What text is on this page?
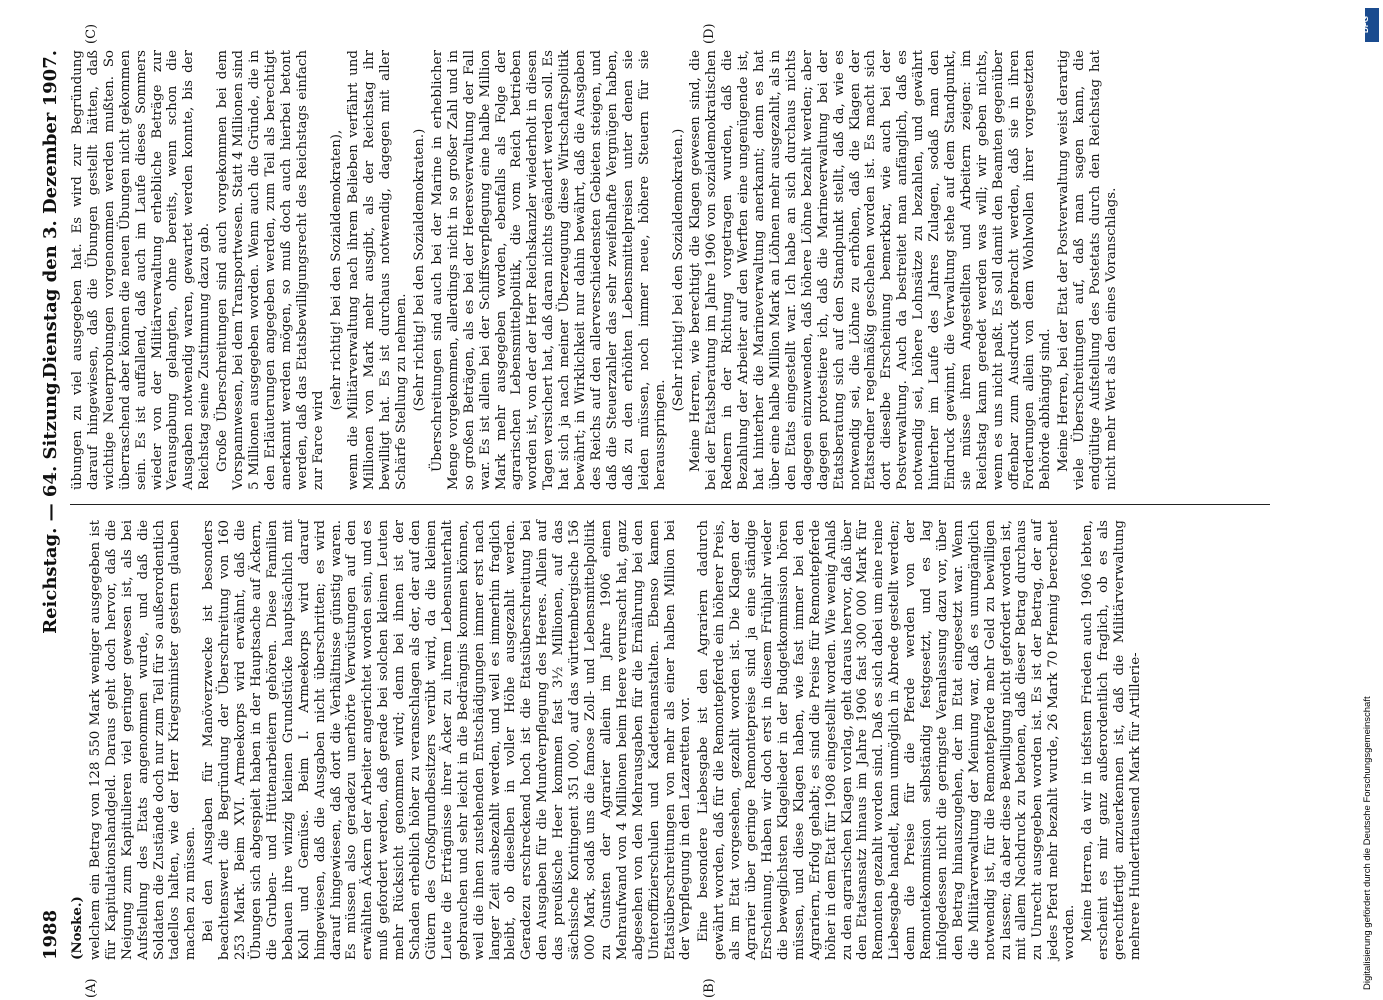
1988
Reichstag. — 64. Sitzung.
Dienstag den 3. Dezember 1907.
(A)	(B)
(C)	(D)

(Noske.) welchem ein Betrag von 128 550 Mark weniger ausgegeben ist für Kapitulationshandgeld. Daraus geht doch hervor, daß die Neigung zum Kapitulieren viel geringer gewesen ist, als bei Aufstellung des Etats angenommen wurde, und daß die Soldaten die Zustände doch nur zum Teil für so außerordentlich tadellos halten, wie der Herr Kriegsminister gestern glauben machen zu müssen. Bei den Ausgaben für Manöverzwecke ist besonders beachtenswert die Begründung der Überschreitung von 160 253 Mark. Beim XVI. Armeekorps wird erwähnt, daß die Übungen sich abgespielt haben in der Hauptsache auf Äckern, die Gruben- und Hüttenarbeitern gehören. Diese Familien bebauen ihre winzig kleinen Grundstücke hauptsächlich mit Kohl und Gemüse. Beim I. Armeekorps wird darauf hingewiesen, daß die Ausgaben nicht überschritten; es wird darauf hingewiesen, daß dort die Verhältnisse günstig waren. Es müssen also geradezu unerhörte Verwüstungen auf den erwählten Äckern der Arbeiter angerichtet worden sein, und es muß gefordert werden, daß gerade bei solchen kleinen Leuten mehr Rücksicht genommen wird; denn bei ihnen ist der Schaden erheblich höher zu veranschlagen als der, der auf den Gütern des Großgrundbesitzers verübt wird, da die kleinen Leute die Erträgnisse ihrer Äcker zu ihrem Lebensunterhalt gebrauchen und sehr leicht in die Bedrängnis kommen können, weil die ihnen zustehenden Entschädigungen immer erst nach langer Zeit ausbezahlt werden, und weil es immerhin fraglich bleibt, ob dieselben in voller Höhe ausgezahlt werden. Geradezu erschreckend hoch ist die Etatsüberschreitung bei den Ausgaben für die Mundverpflegung des Heeres. Allein auf das preußische Heer kommen fast 3½ Millionen, auf das sächsische Kontingent 351 000, auf das württembergische 156 000 Mark, sodaß uns die famose Zoll- und Lebensmittelpolitik zu Gunsten der Agrarier allein im Jahre 1906 einen Mehraufwand von 4 Millionen beim Heere verursacht hat, ganz abgesehen von den Mehrausgaben für die Ernährung bei den Unteroffizierschulen und Kadettenanstalten. Ebenso kamen Etatsüberschreitungen von mehr als einer halben Million bei der Verpflegung in den Lazaretten vor. Eine besondere Liebesgabe ist den Agrariern dadurch gewährt worden, daß für die Remontepferde ein höherer Preis, als im Etat vorgesehen, gezahlt worden ist. Die Klagen der Agrarier über geringe Remontepreise sind ja eine ständige Erscheinung. Haben wir doch erst in diesem Frühjahr wieder die beweglichsten Klagelieder in der Budgetkommission hören müssen, und diese Klagen haben, wie fast immer bei den Agrariern, Erfolg gehabt; es sind die Preise für Remontepferde höher in dem Etat für 1908 eingestellt worden. Wie wenig Anlaß zu den agrarischen Klagen vorlag, geht daraus hervor, daß über den Etatsansatz hinaus im Jahre 1906 fast 300 000 Mark für Remonten gezahlt worden sind. Daß es sich dabei um eine reine Liebesgabe handelt, kann unmöglich in Abrede gestellt werden; denn die Preise für die Pferde werden von der Remontekommission selbständig festgesetzt, und es lag infolgedessen nicht die geringste Veranlassung dazu vor, über den Betrag hinauszugehen, der im Etat eingesetzt war. Wenn die Militärverwaltung der Meinung war, daß es unumgänglich notwendig ist, für die Remontepferde mehr Geld zu bewilligen zu lassen; da aber diese Bewilligung nicht gefordert worden ist, mit allem Nachdruck zu betonen, daß dieser Betrag durchaus zu Unrecht ausgegeben worden ist. Es ist der Betrag, der auf jedes Pferd mehr bezahlt wurde, 26 Mark 70 Pfennig berechnet worden. Meine Herren, da wir in tiefstem Frieden auch 1906 lebten, erscheint es mir ganz außerordentlich fraglich, ob es als gerechtfertigt anzuerkennen ist, daß die Militärverwaltung mehrere Hunderttausend Mark für Artillerie-

übungen zu viel ausgegeben hat. Es wird zur Begründung darauf hingewiesen, daß die Übungen gestellt hätten, daß wichtige Neuerprobungen vorgenommen werden mußten. So überraschend aber können die neuen Übungen nicht gekommen sein. Es ist auffallend, daß auch im Laufe dieses Sommers wieder von der Militärverwaltung erhebliche Beträge zur Verausgabung gelangten, ohne bereits, wenn schon die Ausgaben notwendig waren, gewartet werden konnte, bis der Reichstag seine Zustimmung dazu gab. Große Überschreitungen sind auch vorgekommen bei dem Vorspannwesen, bei dem Transportwesen. Statt 4 Millionen sind 5 Millionen ausgegeben worden. Wenn auch die Gründe, die in den Erläuterungen angegeben werden, zum Teil als berechtigt anerkannt werden mögen, so muß doch auch hierbei betont werden, daß das Etatsbewilligungsrecht des Reichstags einfach zur Farce wird

(sehr richtig! bei den Sozialdemokraten), wenn die Militärverwaltung nach ihrem Belieben verfährt und Millionen von Mark mehr ausgibt, als der Reichstag ihr bewilligt hat. Es ist durchaus notwendig, dagegen mit aller Schärfe Stellung zu nehmen. (Sehr richtig! bei den Sozialdemokraten.) Überschreitungen sind auch bei der Marine in erheblicher Menge vorgekommen, allerdings nicht in so großer Zahl und in so großen Beträgen, als es bei der Heeresverwaltung der Fall war. Es ist allein bei der Schiffsverpflegung eine halbe Million Mark mehr ausgegeben worden, ebenfalls als Folge der agrarischen Lebensmittelpolitik, die vom Reich betrieben worden ist, von der der Herr Reichskanzler wiederholt in diesen Tagen versichert hat, daß daran nichts geändert werden soll. Es hat sich ja nach meiner Überzeugung diese Wirtschaftspolitik bewährt; in Wirklichkeit nur dahin bewährt, daß die Ausgaben des Reichs auf den allerverschiedensten Gebieten steigen, und daß die Steuerzahler das sehr zweifelhafte Vergnügen haben, daß zu den erhöhten Lebensmittelpreisen unter denen sie leiden müssen, noch immer neue, höhere Steuern für sie herausspringen.

(Sehr richtig! bei den Sozialdemokraten.) Meine Herren, wie berechtigt die Klagen gewesen sind, die bei der Etatsberatung im Jahre 1906 von sozialdemokratischen Rednern in der Richtung vorgetragen wurden, daß die Bezahlung der Arbeiter auf den Werften eine ungenügende ist, hat hinterher die Marineverwaltung anerkannt; denn es hat über eine halbe Million Mark an Löhnen mehr ausgezahlt, als in den Etats eingestellt war. Ich habe an sich durchaus nichts dagegen einzuwenden, daß höhere Löhne bezahlt werden; aber dagegen protestiere ich, daß die Marineverwaltung bei der Etatsberatung sich auf den Standpunkt stellt, daß da, wie es notwendig sei, die Löhne zu erhöhen, daß die Klagen der Etatsredner regelmäßig geschehen worden ist. Es macht sich dort dieselbe Erscheinung bemerkbar, wie auch bei der Postverwaltung. Auch da bestreitet man anfänglich, daß es notwendig sei, höhere Lohnsätze zu bezahlen, und gewährt hinterher im Laufe des Jahres Zulagen, sodaß man den Eindruck gewinnt, die Verwaltung stehe auf dem Standpunkt, sie müsse ihren Angestellten und Arbeitern zeigen: im Reichstag kann geredet werden was will; wir geben nichts, wenn es uns nicht paßt. Es soll damit den Beamten gegenüber offenbar zum Ausdruck gebracht werden, daß sie in ihren Forderungen allein von dem Wohlwollen ihrer vorgesetzten Behörde abhängig sind. Meine Herren, bei der Etat der Postverwaltung weist derartig viele Überschreitungen auf, daß man sagen kann, die endgültige Aufstellung des Postetats durch den Reichstag hat nicht mehr Wert als den eines Voranschlags.

DFG
Digitalisierung gefördert durch die Deutsche Forschungsgemeinschaft
